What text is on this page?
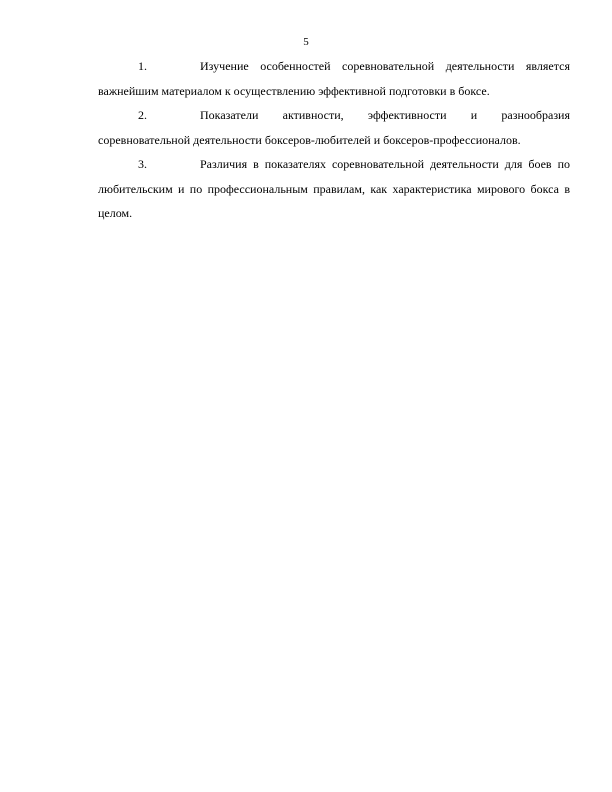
5

1.	Изучение особенностей соревновательной деятельности является важнейшим материалом к осуществлению эффективной подготовки в боксе.

2.	Показатели активности, эффективности и разнообразия соревновательной деятельности боксеров-любителей и боксеров-профессионалов.

3.	Различия в показателях соревновательной деятельности для боев по любительским и по профессиональным правилам, как характеристика мирового бокса в целом.
